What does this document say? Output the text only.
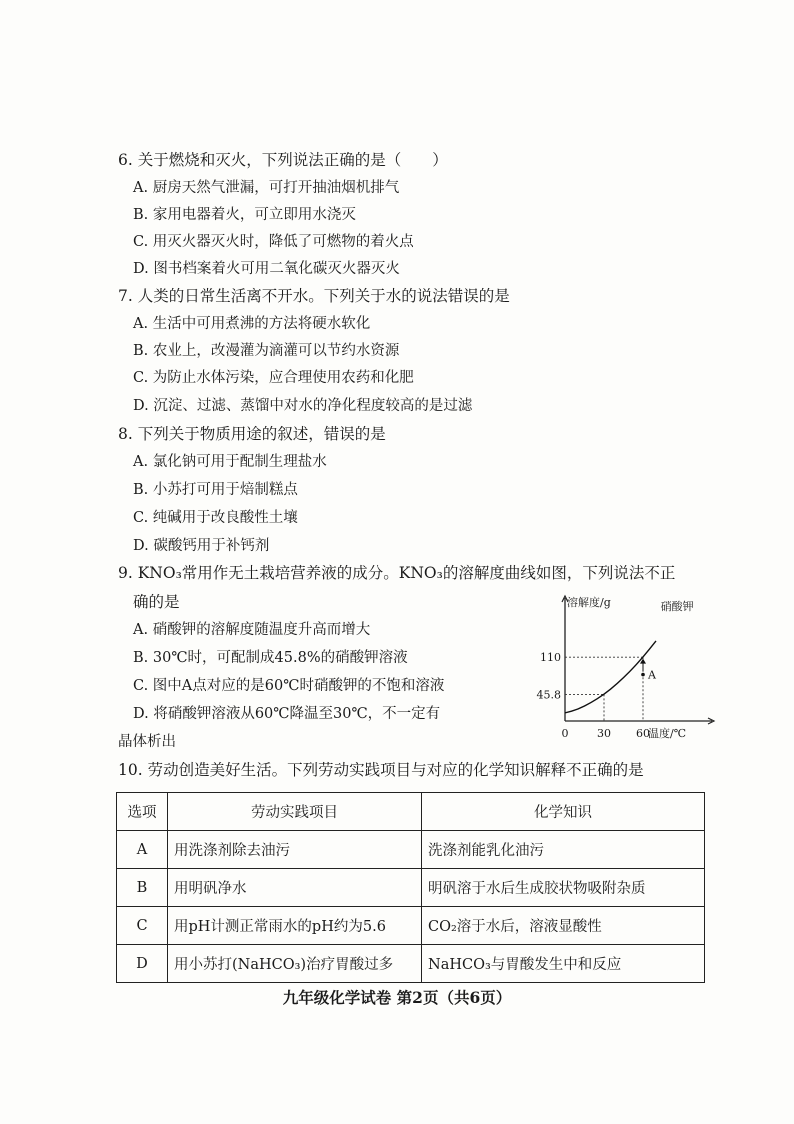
6. 关于燃烧和灭火，下列说法正确的是（　　）
A. 厨房天然气泄漏，可打开抽油烟机排气
B. 家用电器着火，可立即用水浇灭
C. 用灭火器灭火时，降低了可燃物的着火点
D. 图书档案着火可用二氧化碳灭火器灭火
7. 人类的日常生活离不开水。下列关于水的说法错误的是
A. 生活中可用煮沸的方法将硬水软化
B. 农业上，改漫灌为滴灌可以节约水资源
C. 为防止水体污染，应合理使用农药和化肥
D. 沉淀、过滤、蒸馏中对水的净化程度较高的是过滤
8. 下列关于物质用途的叙述，错误的是
A. 氯化钠可用于配制生理盐水
B. 小苏打可用于焙制糕点
C. 纯碱用于改良酸性土壤
D. 碳酸钙用于补钙剂
9. KNO₃常用作无土栽培营养液的成分。KNO₃的溶解度曲线如图，下列说法不正
确的是
A. 硝酸钾的溶解度随温度升高而增大
B. 30℃时，可配制成45.8%的硝酸钾溶液
C. 图中A点对应的是60℃时硝酸钾的不饱和溶液
D. 将硝酸钾溶液从60℃降温至30℃，不一定有
晶体析出
溶解度/g
温度/℃
0	30 60
45.8
110
硝酸钾
A
10. 劳动创造美好生活。下列劳动实践项目与对应的化学知识解释不正确的是
选项	劳动实践项目	化学知识
A	用洗涤剂除去油污	洗涤剂能乳化油污
B	用明矾净水	明矾溶于水后生成胶状物吸附杂质
C	用pH计测正常雨水的pH约为5.6	CO₂溶于水后，溶液显酸性
D	用小苏打(NaHCO₃)治疗胃酸过多	NaHCO₃与胃酸发生中和反应
九年级化学试卷 第2页（共6页）
